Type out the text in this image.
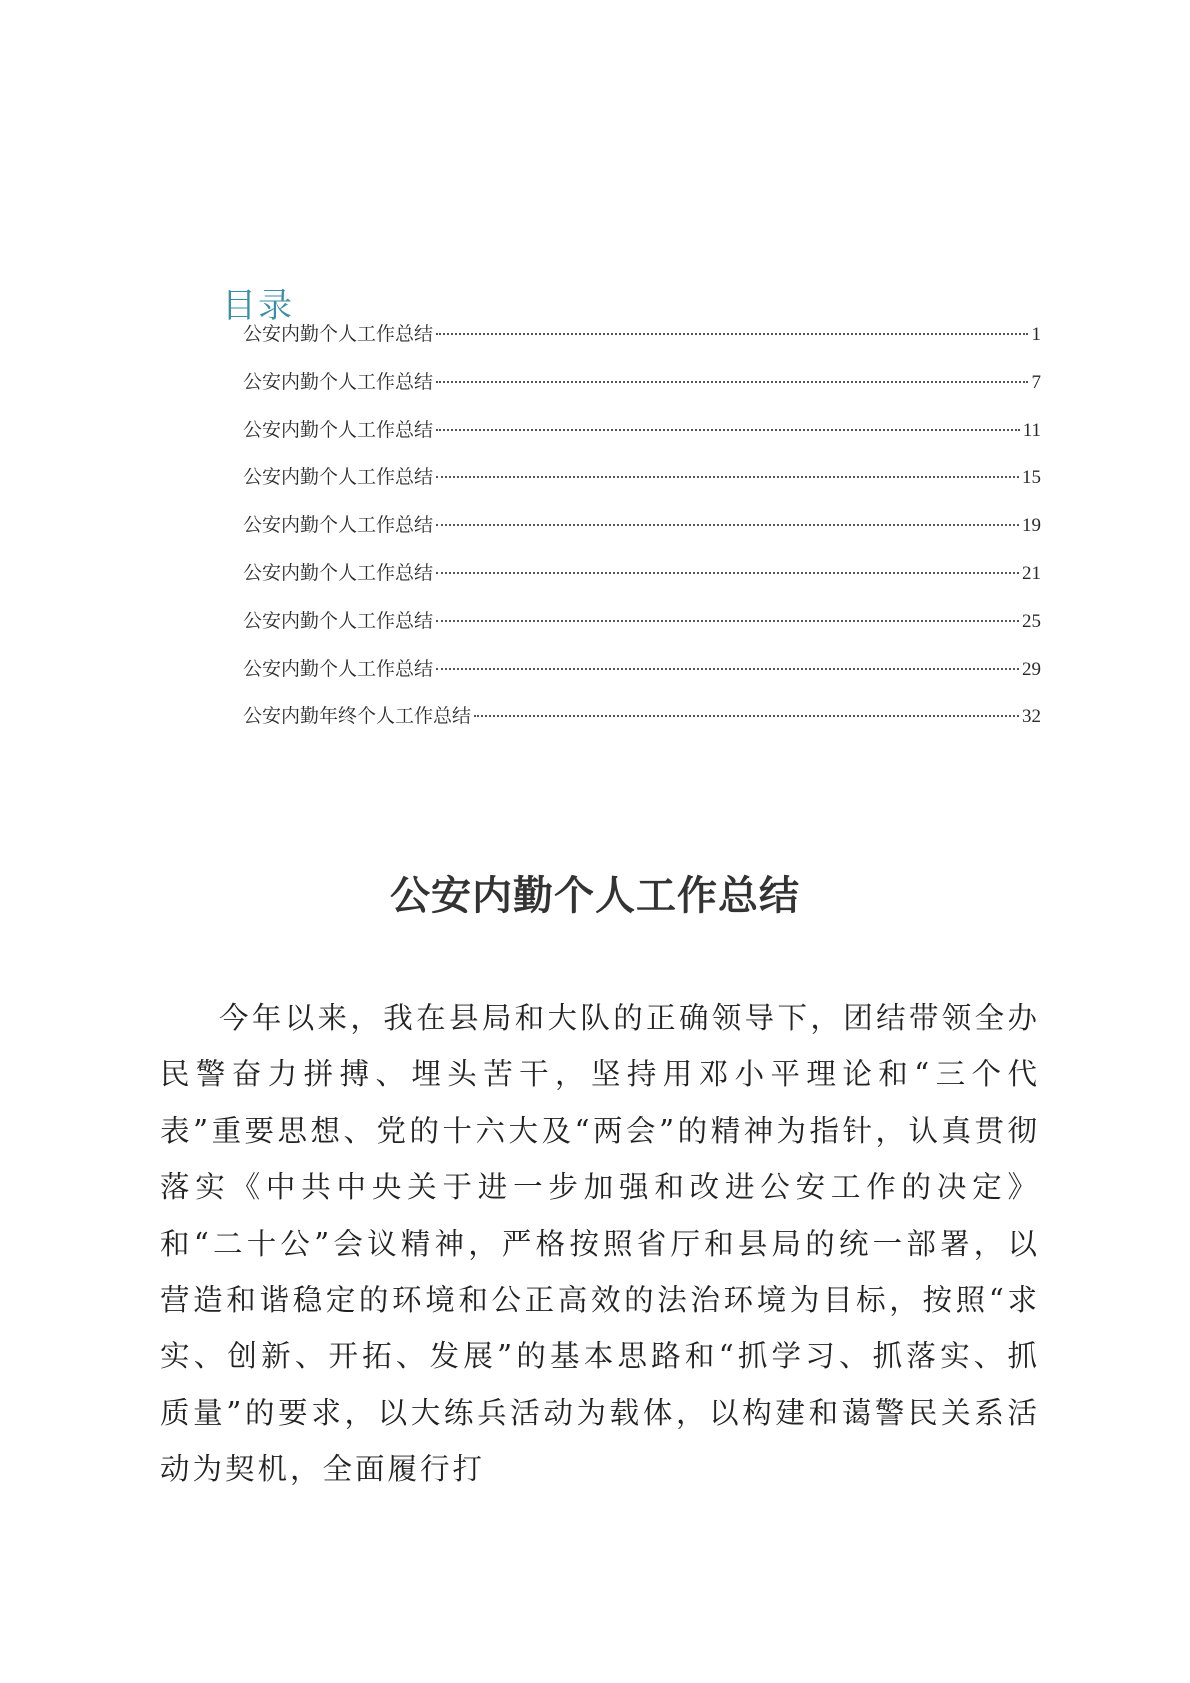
目录
公安内勤个人工作总结	1
公安内勤个人工作总结	7
公安内勤个人工作总结	11
公安内勤个人工作总结	15
公安内勤个人工作总结	19
公安内勤个人工作总结	21
公安内勤个人工作总结	25
公安内勤个人工作总结	29
公安内勤年终个人工作总结	32
公安内勤个人工作总结

今年以来，我在县局和大队的正确领导下，团结带领全办民警奋力拼搏、埋头苦干，坚持用邓小平理论和“三个代表”重要思想、党的十六大及“两会”的精神为指针，认真贯彻落实《中共中央关于进一步加强和改进公安工作的决定》和“二十公”会议精神，严格按照省厅和县局的统一部署，以营造和谐稳定的环境和公正高效的法治环境为目标，按照“求实、创新、开拓、发展”的基本思路和“抓学习、抓落实、抓质量”的要求，以大练兵活动为载体，以构建和蔼警民关系活动为契机，全面履行打
